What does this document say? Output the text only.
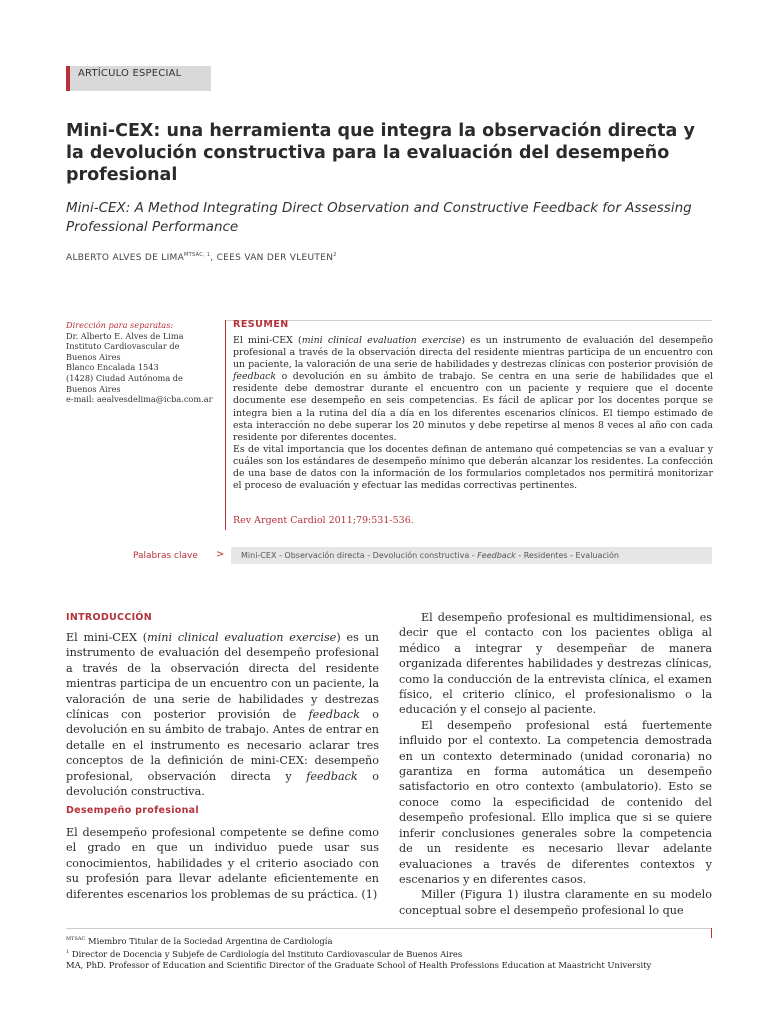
ARTÍCULO ESPECIAL
Mini-CEX: una herramienta que integra la observación directa y la devolución constructiva para la evaluación del desempeño profesional
Mini-CEX: A Method Integrating Direct Observation and Constructive Feedback for Assessing Professional Performance
ALBERTO ALVES DE $LIMA^{MTSAC, 1}$, CEES VAN DER VLEUTEN$^2$
Dirección para separatas:
Dr. Alberto E. Alves de Lima
Instituto Cardiovascular de
Buenos Aires
Blanco Encalada 1543
(1428) Ciudad Autónoma de
Buenos Aires
e-mail: aealvesdelima@icba.com.ar
RESUMEN

El mini-CEX (mini clinical evaluation exercise) es un instrumento de evaluación del desempeño profesional a través de la observación directa del residente mientras participa de un encuentro con un paciente, la valoración de una serie de habilidades y destrezas clínicas con posterior provisión de feedback o devolución en su ámbito de trabajo. Se centra en una serie de habilidades que el residente debe demostrar durante el encuentro con un paciente y requiere que el docente documente ese desempeño en seis competencias. Es fácil de aplicar por los docentes porque se integra bien a la rutina del día a día en los diferentes escenarios clínicos. El tiempo estimado de esta interacción no debe superar los 20 minutos y debe repetirse al menos 8 veces al año con cada residente por diferentes docentes.

Es de vital importancia que los docentes definan de antemano qué competencias se van a evaluar y cuáles son los estándares de desempeño mínimo que deberán alcanzar los residentes. La confección de una base de datos con la información de los formularios completados nos permitirá monitorizar el proceso de evaluación y efectuar las medidas correctivas pertinentes.

Rev Argent Cardiol 2011;79:531-536.
Palabras clave > Mini-CEX - Observación directa - Devolución constructiva - Feedback - Residentes - Evaluación
INTRODUCCIÓN

El mini-CEX (mini clinical evaluation exercise) es un instrumento de evaluación del desempeño profesional a través de la observación directa del residente mientras participa de un encuentro con un paciente, la valoración de una serie de habilidades y destrezas clínicas con posterior provisión de feedback o devolución en su ámbito de trabajo. Antes de entrar en detalle en el instrumento es necesario aclarar tres conceptos de la definición de mini-CEX: desempeño profesional, observación directa y feedback o devolución constructiva.

Desempeño profesional
El desempeño profesional competente se define como el grado en que un individuo puede usar sus conocimientos, habilidades y el criterio asociado con su profesión para llevar adelante eficientemente en diferentes escenarios los problemas de su práctica. (1)

El desempeño profesional es multidimensional, es decir que el contacto con los pacientes obliga al médico a integrar y desempeñar de manera organizada diferentes habilidades y destrezas clínicas, como la conducción de la entrevista clínica, el examen físico, el criterio clínico, el profesionalismo o la educación y el consejo al paciente.

El desempeño profesional está fuertemente influido por el contexto. La competencia demostrada en un contexto determinado (unidad coronaria) no garantiza en forma automática un desempeño satisfactorio en otro contexto (ambulatorio). Esto se conoce como la especificidad de contenido del desempeño profesional. Ello implica que si se quiere inferir conclusiones generales sobre la competencia de un residente es necesario llevar adelante evaluaciones a través de diferentes contextos y escenarios y en diferentes casos.

Miller (Figura 1) ilustra claramente en su modelo conceptual sobre el desempeño profesional lo que

$^{MTSAC}$ Miembro Titular de la Sociedad Argentina de Cardiología
$^1$ Director de Docencia y Subjefe de Cardiología del Instituto Cardiovascular de Buenos Aires
MA, PhD. Professor of Education and Scientific Director of the Graduate School of Health Professions Education at Maastricht University
